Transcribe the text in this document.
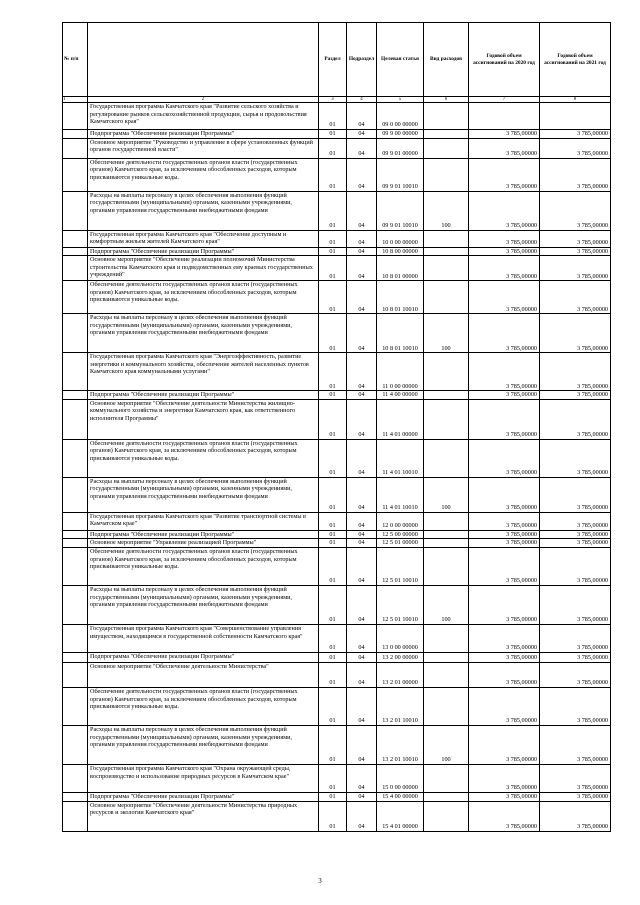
№ п/п		Раздел	Подраздел	Целевая статья	Вид расходов	Годовой объем ассигнований на 2020 год	Годовой объем ассигнований на 2021 год
1	2	3	4	5	6	7	8
	Государственная программа Камчатского края "Развитие сельского хозяйства и регулирование рынков сельскохозяйственной продукции, сырья и продовольствия Камчатского края"	01	04	09 0 00 00000			
	Подпрограмма "Обеспечение реализации Программы"	01	04	09 9 00 00000		3 785,00000	3 785,00000
	Основное мероприятие "Руководство и управление в сфере установленных функций органов государственной власти"	01	04	09 9 01 00000		3 785,00000	3 785,00000
	Обеспечение деятельности государственных органов власти (государственных органов) Камчатского края, за исключением обособленных расходов, которым присваиваются уникальные коды.	01	04	09 9 01 10010		3 785,00000	3 785,00000
	Расходы на выплаты персоналу в целях обеспечения выполнения функций государственными (муниципальными) органами, казенными учреждениями, органами управления государственными внебюджетными фондами	01	04	09 9 01 10010	100	3 785,00000	3 785,00000
	Государственная программа Камчатского края "Обеспечение доступным и комфортным жильем жителей Камчатского края"	01	04	10 0 00 00000		3 785,00000	3 785,00000
	Подпрограмма "Обеспечение реализации Программы"	01	04	10 8 00 00000		3 785,00000	3 785,00000
	Основное мероприятие "Обеспечение реализации полномочий Министерства строительства Камчатского края и подведомственных ему краевых государственных учреждений"	01	04	10 8 01 00000		3 785,00000	3 785,00000
	Обеспечение деятельности государственных органов власти (государственных органов) Камчатского края, за исключением обособленных расходов, которым присваиваются уникальные коды.	01	04	10 8 01 10010		3 785,00000	3 785,00000
	Расходы на выплаты персоналу в целях обеспечения выполнения функций государственными (муниципальными) органами, казенными учреждениями, органами управления государственными внебюджетными фондами	01	04	10 8 01 10010	100	3 785,00000	3 785,00000
	Государственная программа Камчатского края "Энергоэффективность, развитие энергетики и коммунального хозяйства, обеспечение жителей населенных пунктов Камчатского края коммунальными услугами"	01	04	11 0 00 00000		3 785,00000	3 785,00000
	Подпрограмма "Обеспечение реализации Программы"	01	04	11 4 00 00000		3 785,00000	3 785,00000
	Основное мероприятие "Обеспечение деятельности Министерства жилищно-коммунального хозяйства и энергетики Камчатского края, как ответственного исполнителя Программы"	01	04	11 4 01 00000		3 785,00000	3 785,00000
	Обеспечение деятельности государственных органов власти (государственных органов) Камчатского края, за исключением обособленных расходов, которым присваиваются уникальные коды.	01	04	11 4 01 10010		3 785,00000	3 785,00000
	Расходы на выплаты персоналу в целях обеспечения выполнения функций государственными (муниципальными) органами, казенными учреждениями, органами управления государственными внебюджетными фондами	01	04	11 4 01 10010	100	3 785,00000	3 785,00000
	Государственная программа Камчатского края "Развитие транспортной системы в Камчатском крае"	01	04	12 0 00 00000		3 785,00000	3 785,00000
	Подпрограмма "Обеспечение реализации Программы"	01	04	12 5 00 00000		3 785,00000	3 785,00000
	Основное мероприятие "Управление реализацией Программы"	01	04	12 5 01 00000		3 785,00000	3 785,00000
	Обеспечение деятельности государственных органов власти (государственных органов) Камчатского края, за исключением обособленных расходов, которым присваиваются уникальные коды.	01	04	12 5 01 10010		3 785,00000	3 785,00000
	Расходы на выплаты персоналу в целях обеспечения выполнения функций государственными (муниципальными) органами, казенными учреждениями, органами управления государственными внебюджетными фондами	01	04	12 5 01 10010	100	3 785,00000	3 785,00000
	Государственная программа Камчатского края "Совершенствование управления имуществом, находящимся в государственной собственности Камчатского края"	01	04	13 0 00 00000		3 785,00000	3 785,00000
	Подпрограмма "Обеспечение реализации Программы"	01	04	13 2 00 00000		3 785,00000	3 785,00000
	Основное мероприятие "Обеспечение деятельности Министерства"	01	04	13 2 01 00000		3 785,00000	3 785,00000
	Обеспечение деятельности государственных органов власти (государственных органов) Камчатского края, за исключением обособленных расходов, которым присваиваются уникальные коды.	01	04	13 2 01 10010		3 785,00000	3 785,00000
	Расходы на выплаты персоналу в целях обеспечения выполнения функций государственными (муниципальными) органами, казенными учреждениями, органами управления государственными внебюджетными фондами	01	04	13 2 01 10010	100	3 785,00000	3 785,00000
	Государственная программа Камчатского края "Охрана окружающей среды, воспроизводство и использование природных ресурсов в Камчатском крае"	01	04	15 0 00 00000		3 785,00000	3 785,00000
	Подпрограмма "Обеспечение реализации Программы"	01	04	15 4 00 00000		3 785,00000	3 785,00000
	Основное мероприятие "Обеспечение деятельности Министерства природных ресурсов и экологии Камчатского края"	01	04	15 4 01 00000		3 785,00000	3 785,00000
3
